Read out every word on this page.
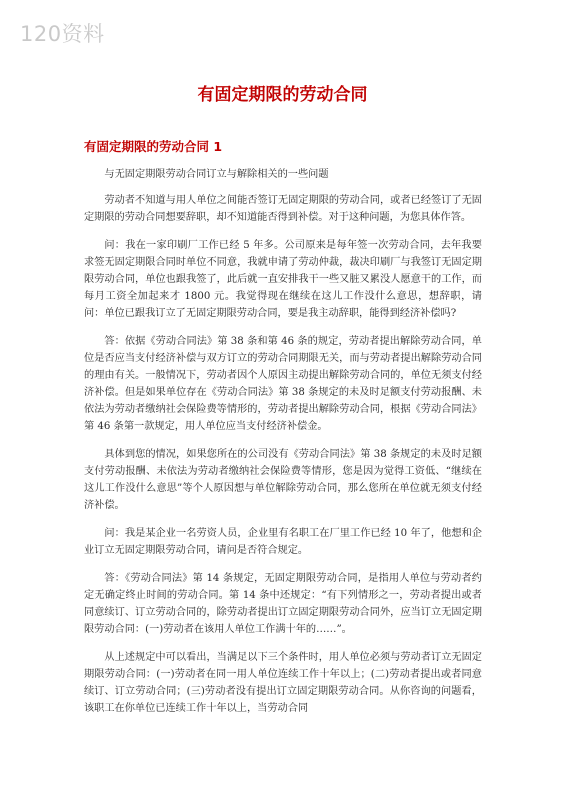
120资料
有固定期限的劳动合同
有固定期限的劳动合同 1

与无固定期限劳动合同订立与解除相关的一些问题

劳动者不知道与用人单位之间能否签订无固定期限的劳动合同，或者已经签订了无固定期限的劳动合同想要辞职，却不知道能否得到补偿。对于这种问题，为您具体作答。

问：我在一家印刷厂工作已经 5 年多。公司原来是每年签一次劳动合同，去年我要求签无固定期限合同时单位不同意，我就申请了劳动仲裁，裁决印刷厂与我签订无固定期限劳动合同，单位也跟我签了，此后就一直安排我干一些又脏又累没人愿意干的工作，而每月工资全加起来才 1800 元。我觉得现在继续在这儿工作没什么意思，想辞职，请问：单位已跟我订立了无固定期限劳动合同，要是我主动辞职，能得到经济补偿吗?

答：依据《劳动合同法》第 38 条和第 46 条的规定，劳动者提出解除劳动合同，单位是否应当支付经济补偿与双方订立的劳动合同期限无关，而与劳动者提出解除劳动合同的理由有关。一般情况下，劳动者因个人原因主动提出解除劳动合同的，单位无须支付经济补偿。但是如果单位存在《劳动合同法》第 38 条规定的未及时足额支付劳动报酬、未依法为劳动者缴纳社会保险费等情形的，劳动者提出解除劳动合同，根据《劳动合同法》第 46 条第一款规定，用人单位应当支付经济补偿金。

具体到您的情况，如果您所在的公司没有《劳动合同法》第 38 条规定的未及时足额支付劳动报酬、未依法为劳动者缴纳社会保险费等情形，您是因为觉得工资低、“继续在这儿工作没什么意思”等个人原因想与单位解除劳动合同，那么您所在单位就无须支付经济补偿。

问：我是某企业一名劳资人员，企业里有名职工在厂里工作已经 10 年了，他想和企业订立无固定期限劳动合同，请问是否符合规定。

答：《劳动合同法》第 14 条规定，无固定期限劳动合同，是指用人单位与劳动者约定无确定终止时间的劳动合同。第 14 条中还规定：“有下列情形之一，劳动者提出或者同意续订、订立劳动合同的，除劳动者提出订立固定期限劳动合同外，应当订立无固定期限劳动合同：(一)劳动者在该用人单位工作满十年的……”。

从上述规定中可以看出，当满足以下三个条件时，用人单位必须与劳动者订立无固定期限劳动合同：(一)劳动者在同一用人单位连续工作十年以上；(二)劳动者提出或者同意续订、订立劳动合同；(三)劳动者没有提出订立固定期限劳动合同。从你咨询的问题看，该职工在你单位已连续工作十年以上，当劳动合同
